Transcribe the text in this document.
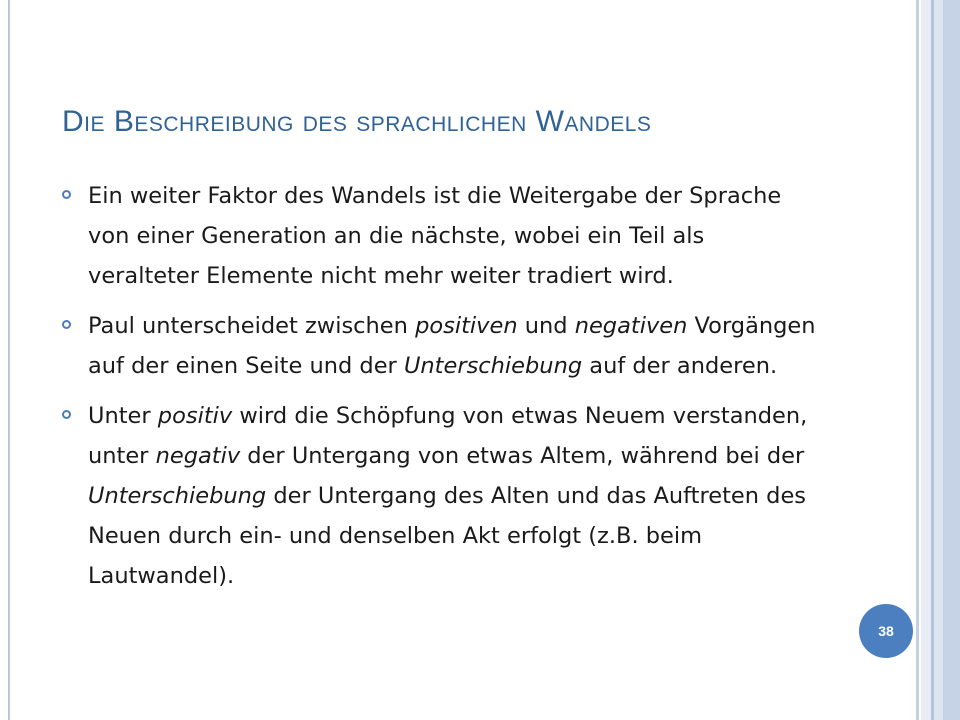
Die Beschreibung des sprachlichen Wandels
Ein weiter Faktor des Wandels ist die Weitergabe der Sprache von einer Generation an die nächste, wobei ein Teil als veralteter Elemente nicht mehr weiter tradiert wird.
Paul unterscheidet zwischen positiven und negativen Vorgängen auf der einen Seite und der Unterschiebung auf der anderen.
Unter positiv wird die Schöpfung von etwas Neuem verstanden, unter negativ der Untergang von etwas Altem, während bei der Unterschiebung der Untergang des Alten und das Auftreten des Neuen durch ein- und denselben Akt erfolgt (z.B. beim Lautwandel).
38
